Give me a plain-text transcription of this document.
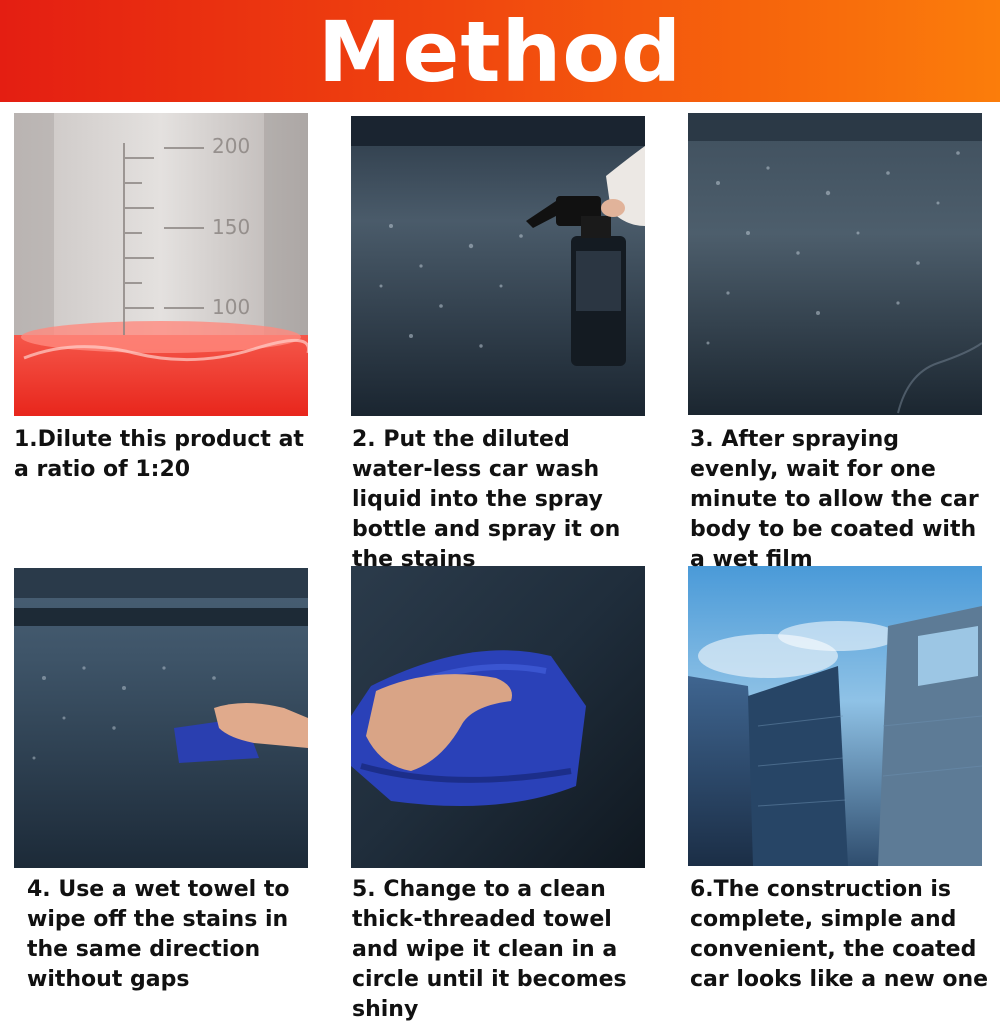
Method
200
150
100
1.Dilute this product at a ratio of 1:20
2. Put the diluted water-less car wash liquid into the spray bottle and spray it on the stains
3. After spraying evenly, wait for one minute to allow the car body to be coated with a wet film
4. Use a wet towel to wipe off the stains in the same direction without gaps
5. Change to a clean thick-threaded towel and wipe it clean in a circle until it becomes shiny
6.The construction is complete, simple and convenient, the coated car looks like a new one
